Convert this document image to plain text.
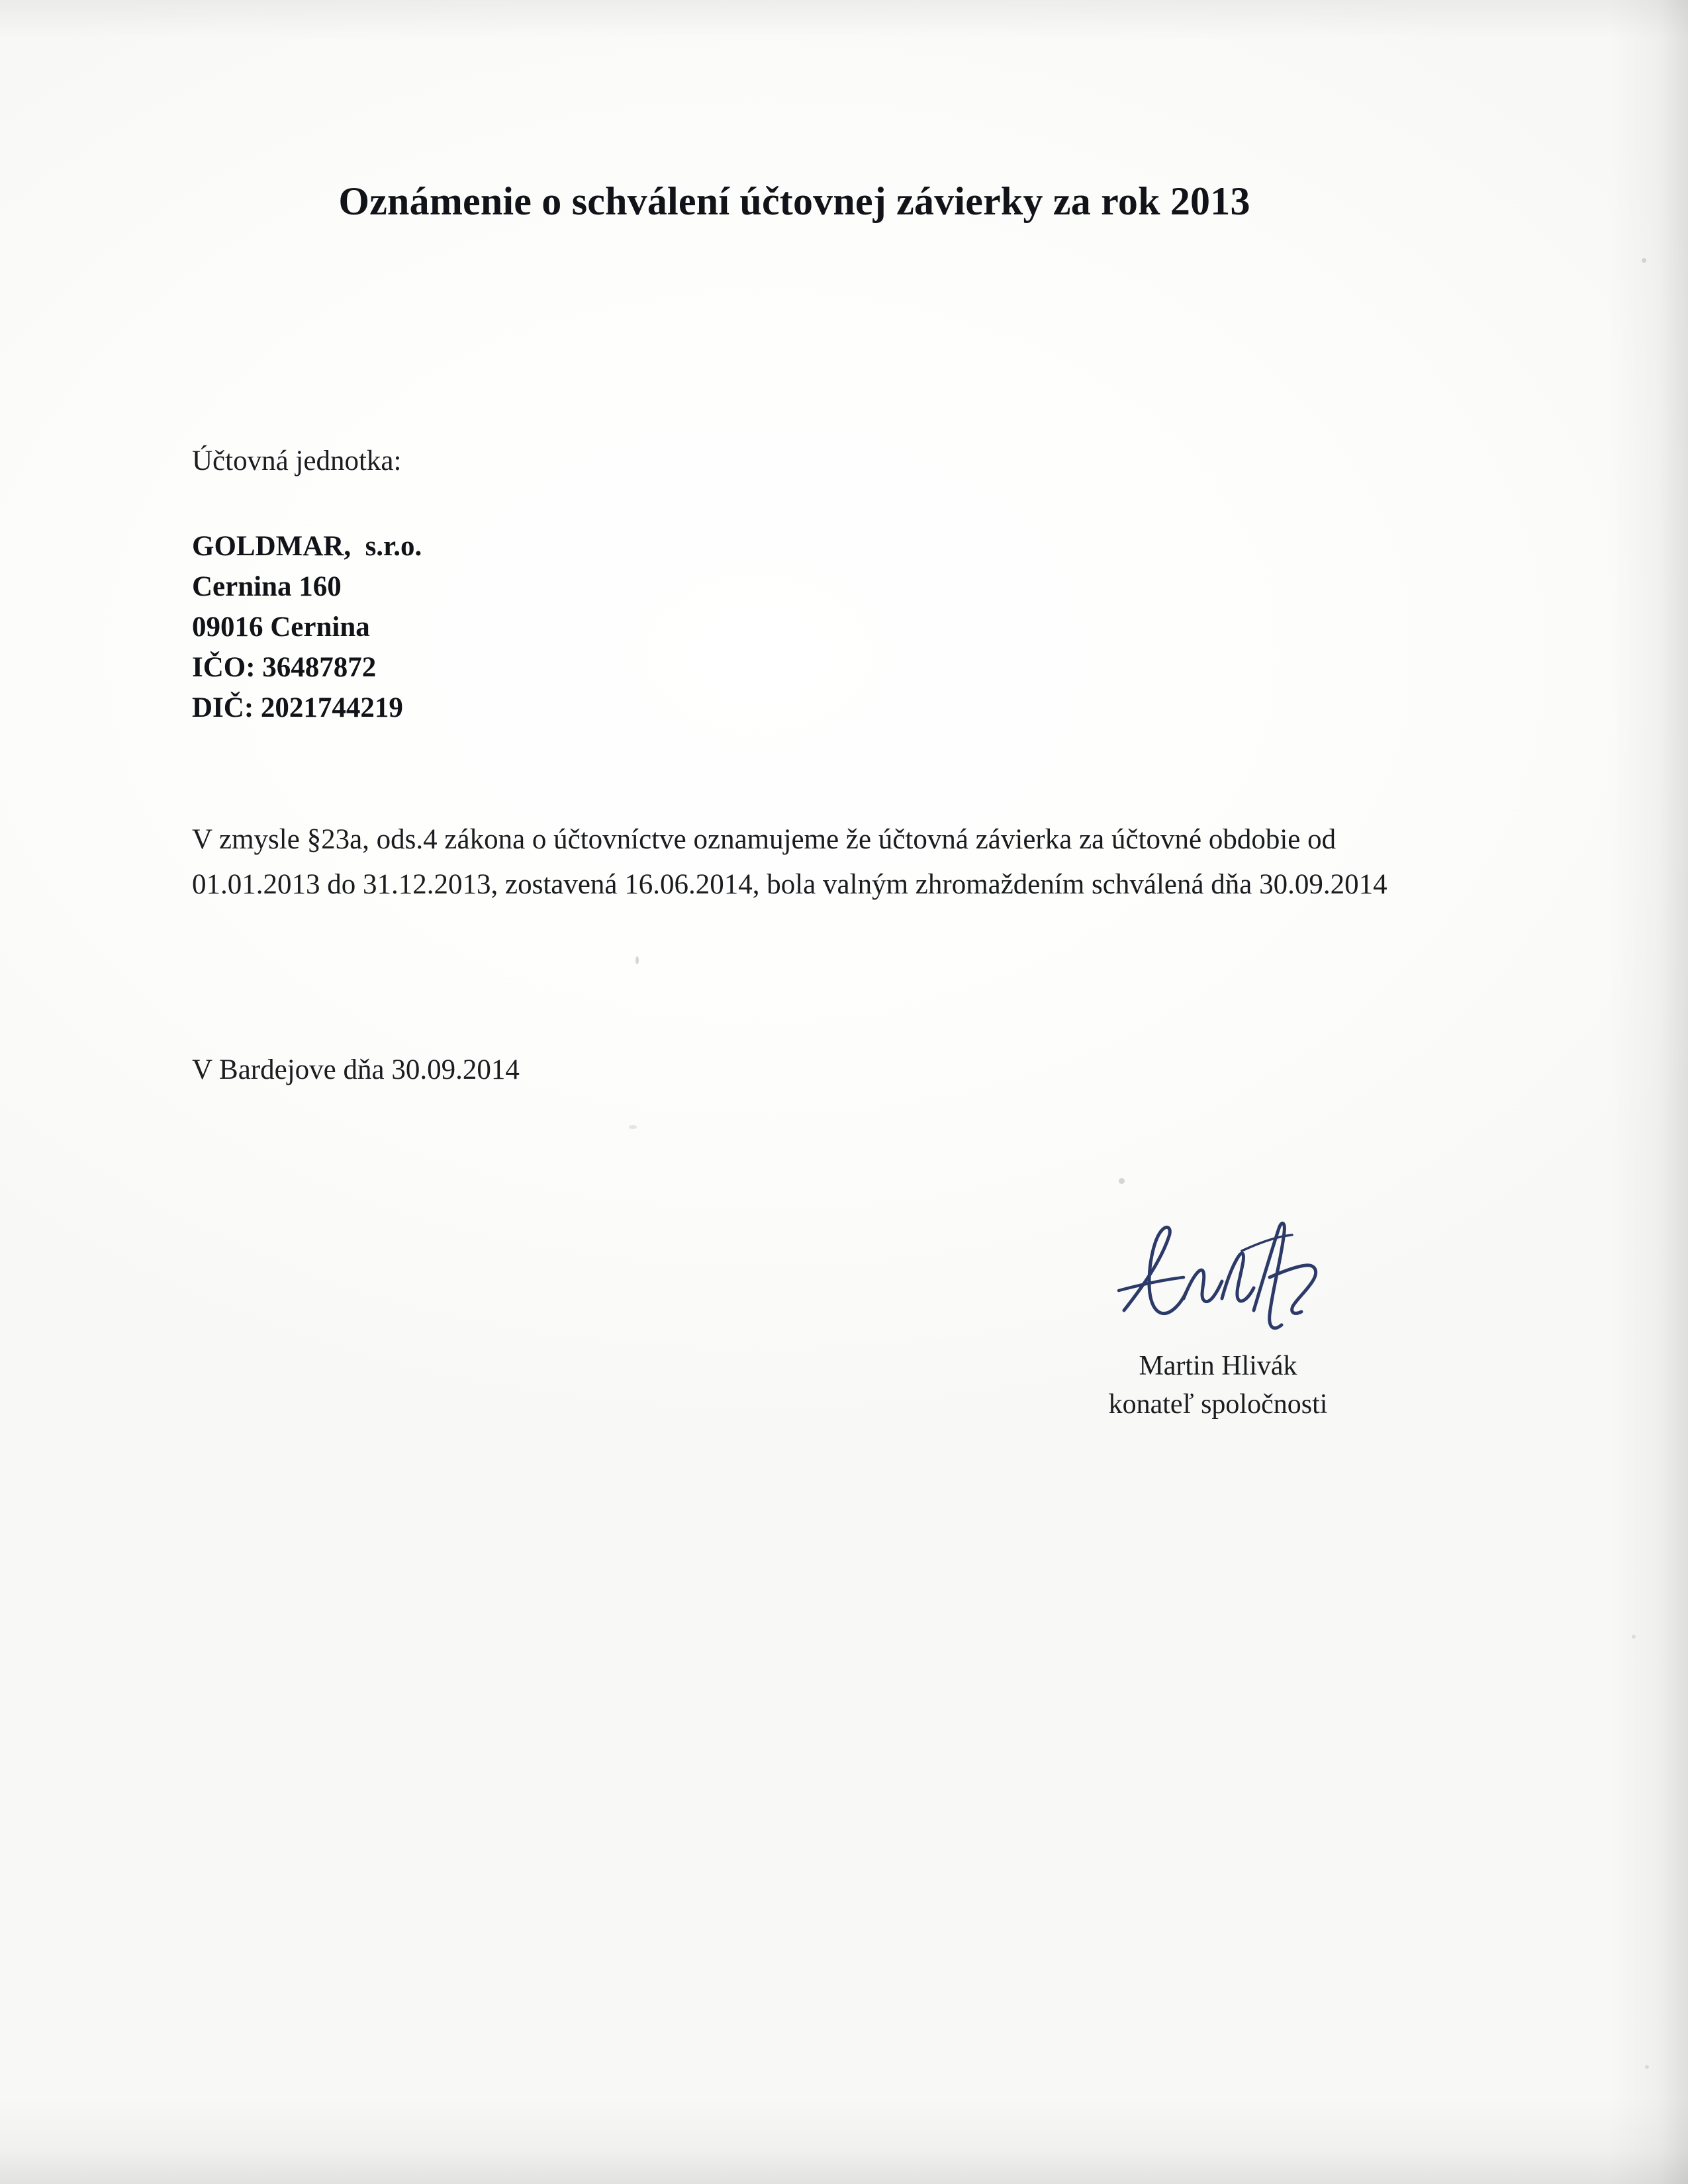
Oznámenie o schválení účtovnej závierky za rok 2013
Účtovná jednotka:
GOLDMAR,  s.r.o.
Cernina 160
09016 Cernina
IČO: 36487872
DIČ: 2021744219
V zmysle §23a, ods.4 zákona o účtovníctve oznamujeme že účtovná závierka za účtovné obdobie od 01.01.2013 do 31.12.2013, zostavená 16.06.2014, bola valným zhromaždením schválená dňa 30.09.2014
V Bardejove dňa 30.09.2014
Martin Hlivák
konateľ spoločnosti
